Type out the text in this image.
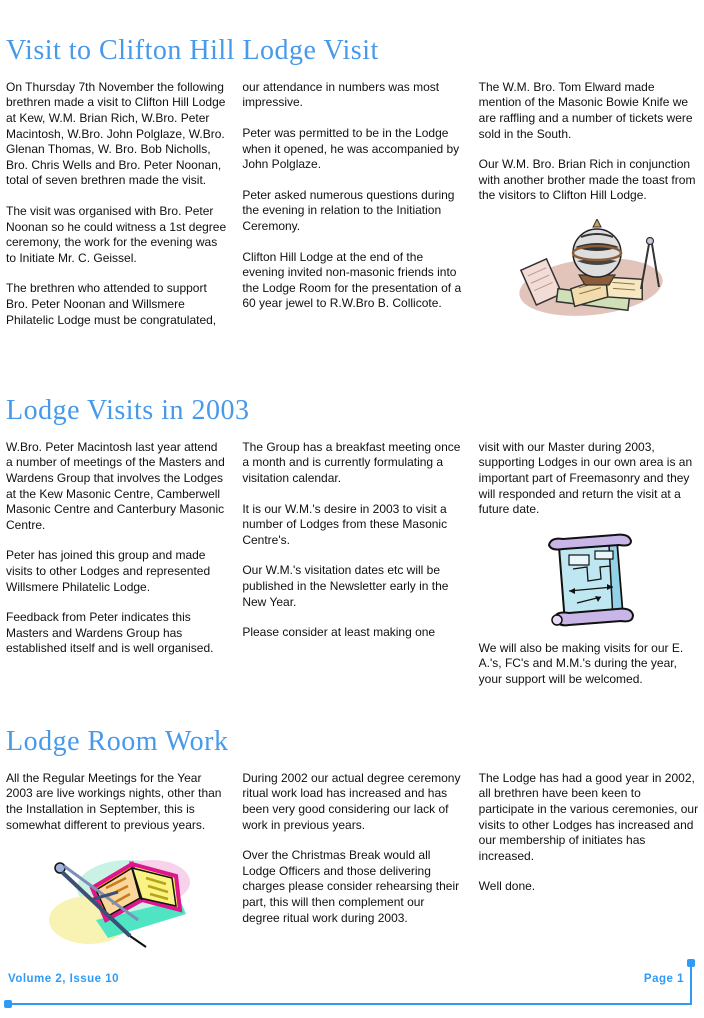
Visit to Clifton Hill Lodge Visit

On Thursday 7th November the following brethren made a visit to Clifton Hill Lodge at Kew, W.M. Brian Rich, W.Bro. Peter Macintosh, W.Bro. John Polglaze, W.Bro. Glenan Thomas, W. Bro. Bob Nicholls, Bro. Chris Wells and Bro. Peter Noonan, total of seven brethren made the visit.

The visit was organised with Bro. Peter Noonan so he could witness a 1st degree ceremony, the work for the evening was to Initiate Mr. C. Geissel.

The brethren who attended to support Bro. Peter Noonan and Willsmere Philatelic Lodge must be congratulated,

our attendance in numbers was most impressive.

Peter was permitted to be in the Lodge when it opened, he was accompanied by John Polglaze.

Peter asked numerous questions during the evening in relation to the Initiation Ceremony.

Clifton Hill Lodge at the end of the evening invited non-masonic friends into the Lodge Room for the presentation of a 60 year jewel to R.W.Bro B. Collicote.

The W.M. Bro. Tom Elward made mention of the Masonic Bowie Knife we are raffling and a number of tickets were sold in the South.

Our W.M. Bro. Brian Rich in conjunction with another brother made the toast from the visitors to Clifton Hill Lodge.

Lodge Visits in 2003

W.Bro. Peter Macintosh last year attend a number of meetings of the Masters and Wardens Group that involves the Lodges at the Kew Masonic Centre, Camberwell Masonic Centre and Canterbury Masonic Centre.

Peter has joined this group and made visits to other Lodges and represented Willsmere Philatelic Lodge.

Feedback from Peter indicates this Masters and Wardens Group has established itself and is well organised.

The Group has a breakfast meeting once a month and is currently formulating a visitation calendar.

It is our W.M.'s desire in 2003 to visit a number of Lodges from these Masonic Centre's.

Our W.M.'s visitation dates etc will be published in the Newsletter early in the New Year.

Please consider at least making one

visit with our Master during 2003, supporting Lodges in our own area is an important part of Freemasonry and they will responded and return the visit at a future date.

We will also be making visits for our E. A.'s, FC's and M.M.'s during the year, your support will be welcomed.

Lodge Room Work

All the Regular Meetings for the Year 2003 are live workings nights, other than the Installation in September, this is somewhat different to previous years.

During 2002 our actual degree ceremony ritual work load has increased and has been very good considering our lack of work in previous years.

Over the Christmas Break would all Lodge Officers and those delivering charges please consider rehearsing their part, this will then complement our degree ritual work during 2003.

The Lodge has had a good year in 2002, all brethren have been keen to participate in the various ceremonies, our visits to other Lodges has increased and our membership of initiates has increased.

Well done.

Volume 2, Issue 10	Page 1
